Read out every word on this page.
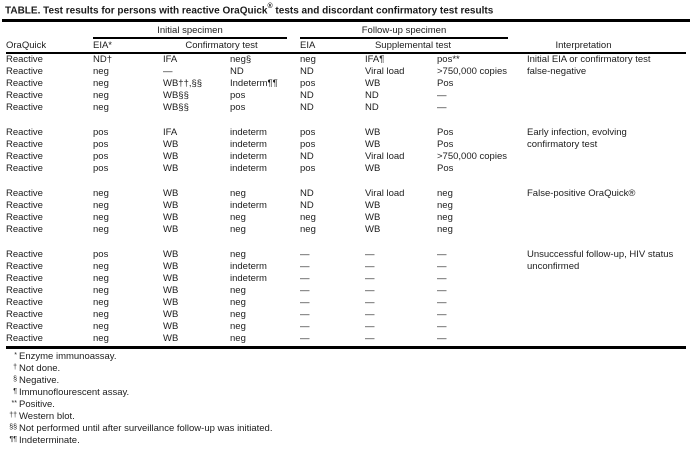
TABLE. Test results for persons with reactive OraQuick® tests and discordant confirmatory test results
Initial specimen	Follow-up specimen
OraQuick	EIA*	Confirmatory test	EIA	Supplemental test	Interpretation
Reactive	ND†	IFA	neg§	neg	IFA¶	pos**	Initial EIA or confirmatory test
Reactive	neg	—	ND	ND	Viral load	>750,000 copies	false-negative
Reactive	neg	WB††,§§	Indeterm¶¶	pos	WB	Pos
Reactive	neg	WB§§	pos	ND	ND	—
Reactive	neg	WB§§	pos	ND	ND	—
Reactive	pos	IFA	indeterm	pos	WB	Pos	Early infection, evolving
Reactive	pos	WB	indeterm	pos	WB	Pos	confirmatory test
Reactive	pos	WB	indeterm	ND	Viral load	>750,000 copies
Reactive	pos	WB	indeterm	pos	WB	Pos
Reactive	neg	WB	neg	ND	Viral load	neg	False-positive OraQuick®
Reactive	neg	WB	indeterm	ND	WB	neg
Reactive	neg	WB	neg	neg	WB	neg
Reactive	neg	WB	neg	neg	WB	neg
Reactive	pos	WB	neg	—	—	—	Unsuccessful follow-up, HIV status
Reactive	neg	WB	indeterm	—	—	—	unconfirmed
Reactive	neg	WB	indeterm	—	—	—
Reactive	neg	WB	neg	—	—	—
Reactive	neg	WB	neg	—	—	—
Reactive	neg	WB	neg	—	—	—
Reactive	neg	WB	neg	—	—	—
Reactive	neg	WB	neg	—	—	—
* Enzyme immunoassay.
† Not done.
§ Negative.
¶ Immunoflourescent assay.
** Positive.
†† Western blot.
§§ Not performed until after surveillance follow-up was initiated.
¶¶ Indeterminate.
